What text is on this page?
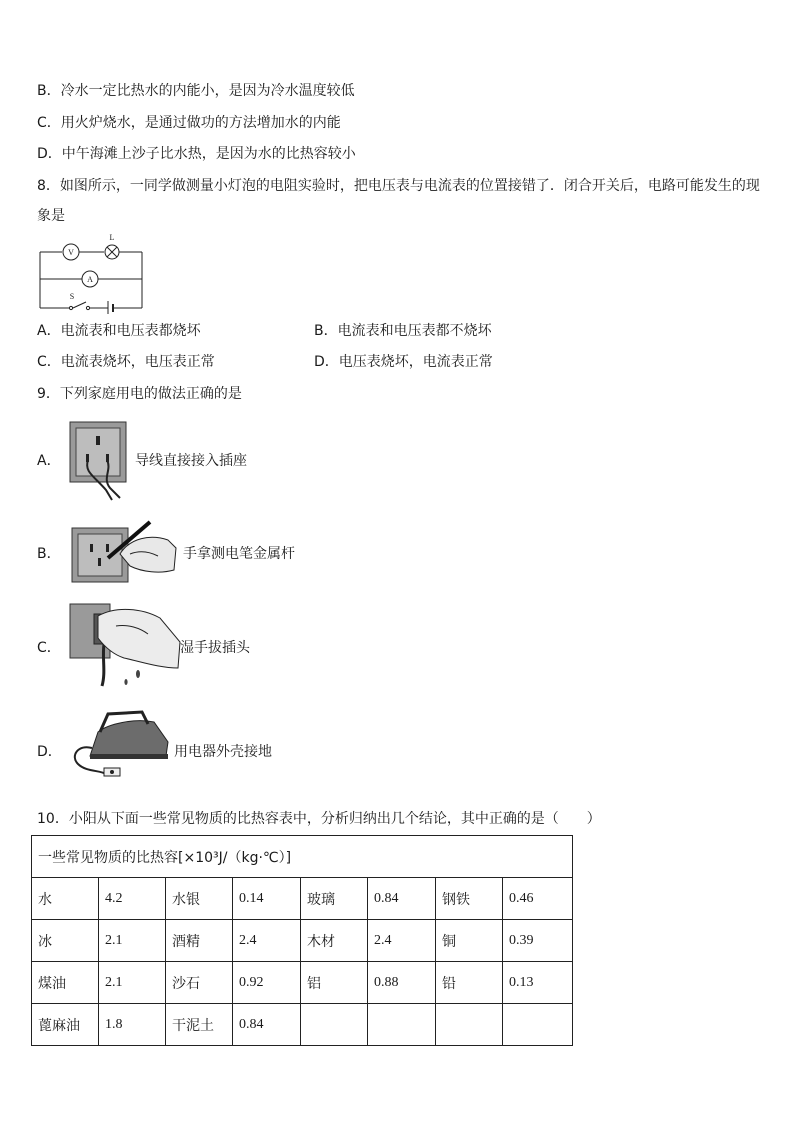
B．冷水一定比热水的内能小，是因为冷水温度较低
C．用火炉烧水，是通过做功的方法增加水的内能
D．中午海滩上沙子比水热，是因为水的比热容较小
8．如图所示，一同学做测量小灯泡的电阻实验时，把电压表与电流表的位置接错了．闭合开关后，电路可能发生的现
象是
V
L
A
S
A．电流表和电压表都烧坏	B．电流表和电压表都不烧坏
C．电流表烧坏，电压表正常	D．电压表烧坏，电流表正常
9．下列家庭用电的做法正确的是
A．	导线直接接入插座
B．	手拿测电笔金属杆
C．	湿手拔插头
D．	用电器外壳接地
10．小阳从下面一些常见物质的比热容表中，分析归纳出几个结论，其中正确的是（　　）
一些常见物质的比热容[×10³J/（kg·℃）]							
水	4.2	水银	0.14	玻璃	0.84	钢铁	0.46
冰	2.1	酒精	2.4	木材	2.4	铜	0.39
煤油	2.1	沙石	0.92	铝	0.88	铅	0.13
蓖麻油	1.8	干泥土	0.84				
